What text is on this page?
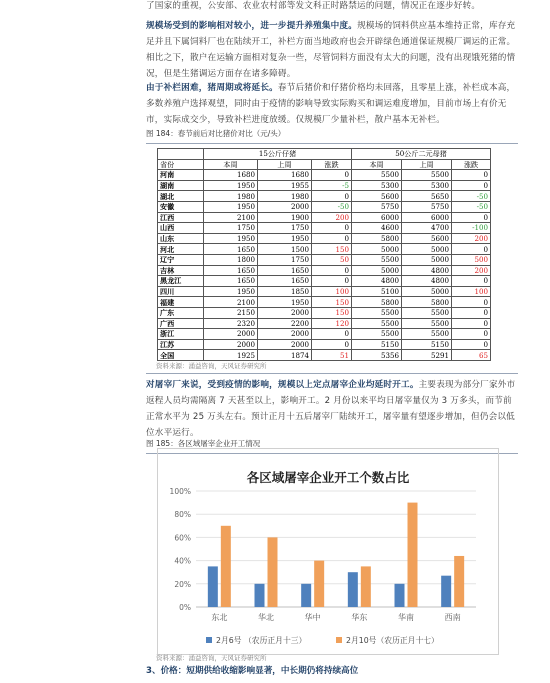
了国家的重视，公安部、农业农村部等发文科正时路禁运的问题，情况正在逐步好转。

规模场受到的影响相对较小，进一步提升养殖集中度。规模场的饲料供应基本维持正常，库存充足并且下属饲料厂也在陆续开工，补栏方面当地政府也会开辟绿色通道保证规模厂调运的正常。相比之下，散户在运输方面相对复杂一些，尽管饲料方面没有太大的问题，没有出现饿死猪的情况，但是生猪调运方面存在诸多障碍。

由于补栏困难，猪周期或将延长。春节后猪价和仔猪价格均未回落，且零星上涨，补栏成本高，多数养殖户选择观望，同时由于疫情的影响导致实际购买和调运难度增加，目前市场上有价无市，实际成交少，导致补栏进度放缓。仅规模厂少量补栏，散户基本无补栏。

图 184：春节前后对比猪价对比（元/头）
	15公斤仔猪			50公斤二元母猪		
省份	本周	上周	涨跌	本周	上周	涨跌
河南	1680	1680	0	5500	5500	0
湖南	1950	1955	-5	5300	5300	0
湖北	1980	1980	0	5600	5650	-50
安徽	1950	2000	-50	5750	5750	-50
江西	2100	1900	200	6000	6000	0
山西	1750	1750	0	4600	4700	-100
山东	1950	1950	0	5800	5600	200
河北	1650	1500	150	5000	5000	0
辽宁	1800	1750	50	5500	5000	500
吉林	1650	1650	0	5000	4800	200
黑龙江	1650	1650	0	4800	4800	0
四川	1950	1850	100	5100	5000	100
福建	2100	1950	150	5800	5800	0
广东	2150	2000	150	5500	5500	0
广西	2320	2200	120	5500	5500	0
浙江	2000	2000	0	5500	5500	0
江苏	2000	2000	0	5150	5150	0
全国	1925	1874	51	5356	5291	65
资料来源：涌益咨询，天风证券研究所

对屠宰厂来说，受到疫情的影响，规模以上定点屠宰企业均延时开工。主要表现为部分厂家外市返程人员均需隔离 7 天甚至以上，影响开工。2 月份以来平均日屠宰量仅为 3 万多头，而节前正常水平为 25 万头左右。预计正月十五后屠宰厂陆续开工，屠宰量有望逐步增加，但仍会以低位水平运行。

图 185：各区域屠宰企业开工情况
各区域屠宰企业开工个数占比
0%
20%
40%
60%
80%
100%
东北	华北	华中	华东	华南	西南
2月6号 （农历正月十三）	2月10号（农历正月十七）
资料来源：涌益咨询，天风证券研究所
3、价格：短期供给收缩影响显著，中长期仍将持续高位
